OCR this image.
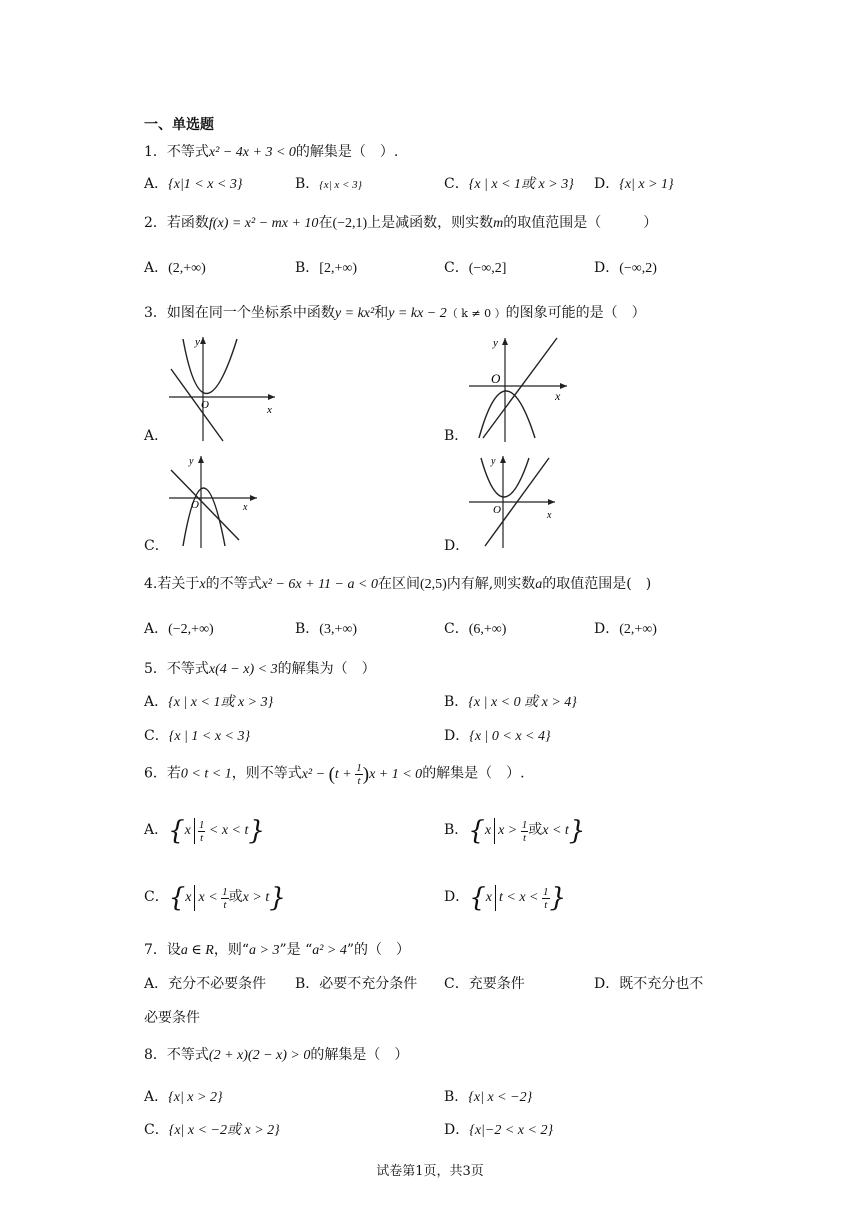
一、单选题
1．不等式x² − 4x + 3 < 0的解集是（　）.
A．{x|1 < x < 3}	B．{x| x < 3}	C．{x | x < 1或 x > 3} D．{x| x > 1}
2．若函数f(x) = x² − mx + 10在(−2,1)上是减函数，则实数m的取值范围是（　　　）
A．(2,+∞)	B．[2,+∞)	C．(−∞,2]	D．(−∞,2)
3．如图在同一个坐标系中函数y = kx²和y = kx − 2（ k ≠ 0 ）的图象可能的是（　）
y
x
O
A．
y
x
O
B．
y
x
O
C．
y
x
O
D．
4.若关于x的不等式x² − 6x + 11 − a < 0在区间(2,5)内有解,则实数a的取值范围是(　)
A．(−2,+∞)	B．(3,+∞)	C．(6,+∞)	D．(2,+∞)
5．不等式x(4 − x) < 3的解集为（　）
A．{x | x < 1或 x > 3}	B．{x | x < 0 或 x > 4}
C．{x | 1 < x < 3}	D．{x | 0 < x < 4}
6．若0 < t < 1，则不等式$x^2 - (t + \frac{1}{t} )x + 1 < 0$的解集是（　）.
A．$\{x \frac{1}{t} < x < t\}$	B．{x $x > \frac{1}{t}$ 或x < t}
C．{x $x < \frac{1}{t}$ 或x > t}	D．{x $t < x < \frac{1}{t}$ }
7．设a ∈ R，则“a > 3”是 “a² > 4”的（　）
A．充分不必要条件 B．必要不充分条件 C．充要条件	D．既不充分也不
必要条件
8．不等式(2 + x)(2 − x) > 0的解集是（　）
A．{x| x > 2}	B．{x| x < −2}
C．{x| x < −2或 x > 2}	D．{x|−2 < x < 2}
试卷第1页，共3页
